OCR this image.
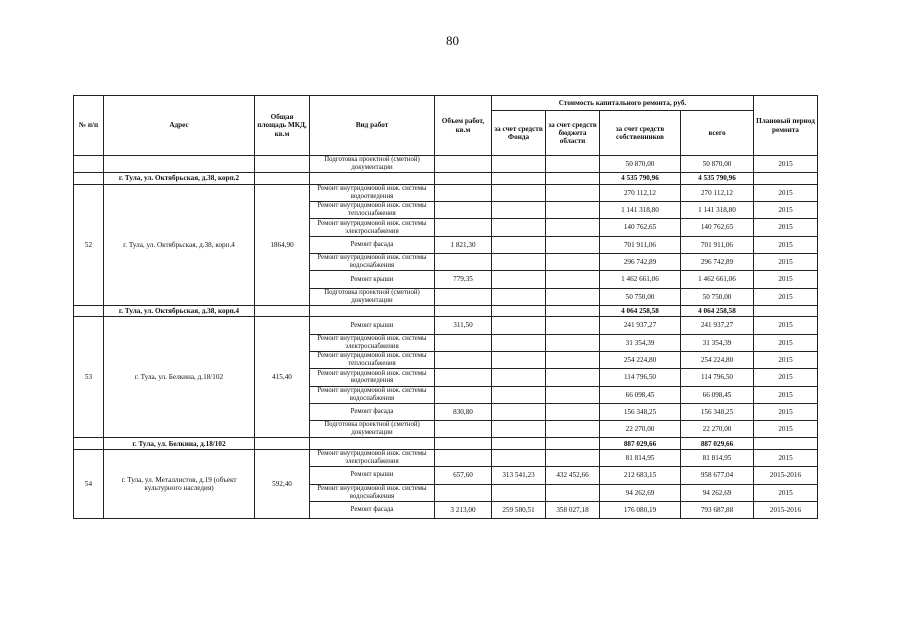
80
№ п/п	Адрес	Общая площадь МКД, кв.м	Вид работ	Объем работ, кв.м	Стоимость капитального ремонта, руб.				Плановый период ремонта
					за счет средств Фонда	за счет средств бюджета области	за счет средств собственников	всего	
			Подготовка проектной (сметной) документации				50 870,00	50 870,00	2015
	г. Тула, ул. Октябрьская, д.38, корп.2						4 535 790,96	4 535 790,96	
52	г. Тула, ул. Октябрьская, д.38, корп.4	1864,90	Ремонт внутридомовой инж. системы водоотведения				270 112,12	270 112,12	2015
			Ремонт внутридомовой инж. системы теплоснабжения				1 141 318,80	1 141 318,80	2015
			Ремонт внутридомовой инж. системы электроснабжения				140 762,65	140 762,65	2015
			Ремонт фасада	1 821,30			701 911,06	701 911,06	2015
			Ремонт внутридомовой инж. системы водоснабжения				296 742,89	296 742,89	2015
			Ремонт крыши	779,35			1 462 661,06	1 462 661,06	2015
			Подготовка проектной (сметной) документации				50 750,00	50 750,00	2015
	г. Тула, ул. Октябрьская, д.38, корп.4						4 064 258,58	4 064 258,58	
53	г. Тула, ул. Белкина, д.18/102	415,40	Ремонт крыши	311,50			241 937,27	241 937,27	2015
			Ремонт внутридомовой инж. системы электроснабжения				31 354,39	31 354,39	2015
			Ремонт внутридомовой инж. системы теплоснабжения				254 224,80	254 224,80	2015
			Ремонт внутридомовой инж. системы водоотведения				114 796,50	114 796,50	2015
			Ремонт внутридомовой инж. системы водоснабжения				66 098,45	66 098,45	2015
			Ремонт фасада	830,80			156 348,25	156 348,25	2015
			Подготовка проектной (сметной) документации				22 270,00	22 270,00	2015
	г. Тула, ул. Белкина, д.18/102						887 029,66	887 029,66	
54	г. Тула, ул. Металлистов, д.19 (объект культурного наследия)	592,40	Ремонт внутридомовой инж. системы электроснабжения				81 814,95	81 814,95	2015
			Ремонт крыши	657,60	313 541,23	432 452,66	212 683,15	958 677,04	2015-2016
			Ремонт внутридомовой инж. системы водоснабжения				94 262,69	94 262,69	2015
			Ремонт фасада	3 213,00	259 580,51	358 027,18	176 080,19	793 687,88	2015-2016
